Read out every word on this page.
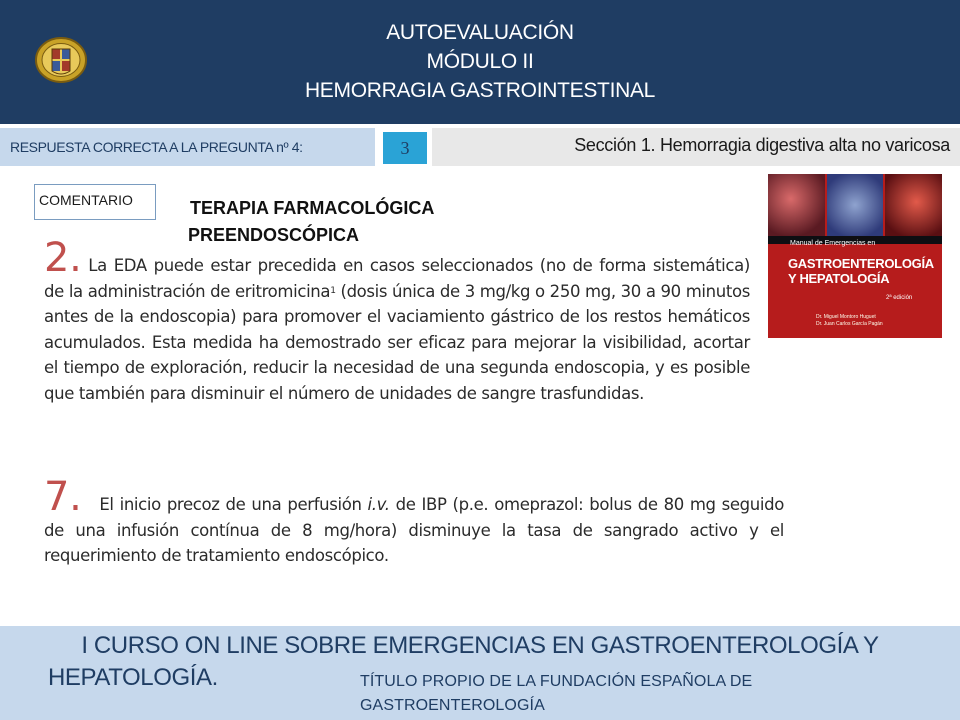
AUTOEVALUACIÓN
MÓDULO II
HEMORRAGIA GASTROINTESTINAL
RESPUESTA CORRECTA A LA PREGUNTA nº 4:	3	Sección 1. Hemorragia digestiva alta no varicosa
COMENTARIO	TERAPIA FARMACOLÓGICA
PREENDOSCÓPICA	Manual de Emergencias en
GASTROENTEROLOGÍA
Y HEPATOLOGÍA
2ª edición
Dr. Miguel Montoro Huguet
Dr. Juan Carlos García Pagán
2. La EDA puede estar precedida en casos seleccionados (no de forma sistemática) de la administración de eritromicina$^1$ (dosis única de 3 mg/kg o 250 mg, 30 a 90 minutos antes de la endoscopia) para promover el vaciamiento gástrico de los restos hemáticos acumulados. Esta medida ha demostrado ser eficaz para mejorar la visibilidad, acortar el tiempo de exploración, reducir la necesidad de una segunda endoscopia, y es posible que también para disminuir el número de unidades de sangre trasfundidas.
7. El inicio precoz de una perfusión i.v. de IBP (p.e. omeprazol: bolus de 80 mg seguido de una infusión contínua de 8 mg/hora) disminuye la tasa de sangrado activo y el requerimiento de tratamiento endoscópico.
I CURSO ON LINE SOBRE EMERGENCIAS EN GASTROENTEROLOGÍA Y
HEPATOLOGÍA.	TÍTULO PROPIO DE LA FUNDACIÓN ESPAÑOLA DE GASTROENTEROLOGÍA
